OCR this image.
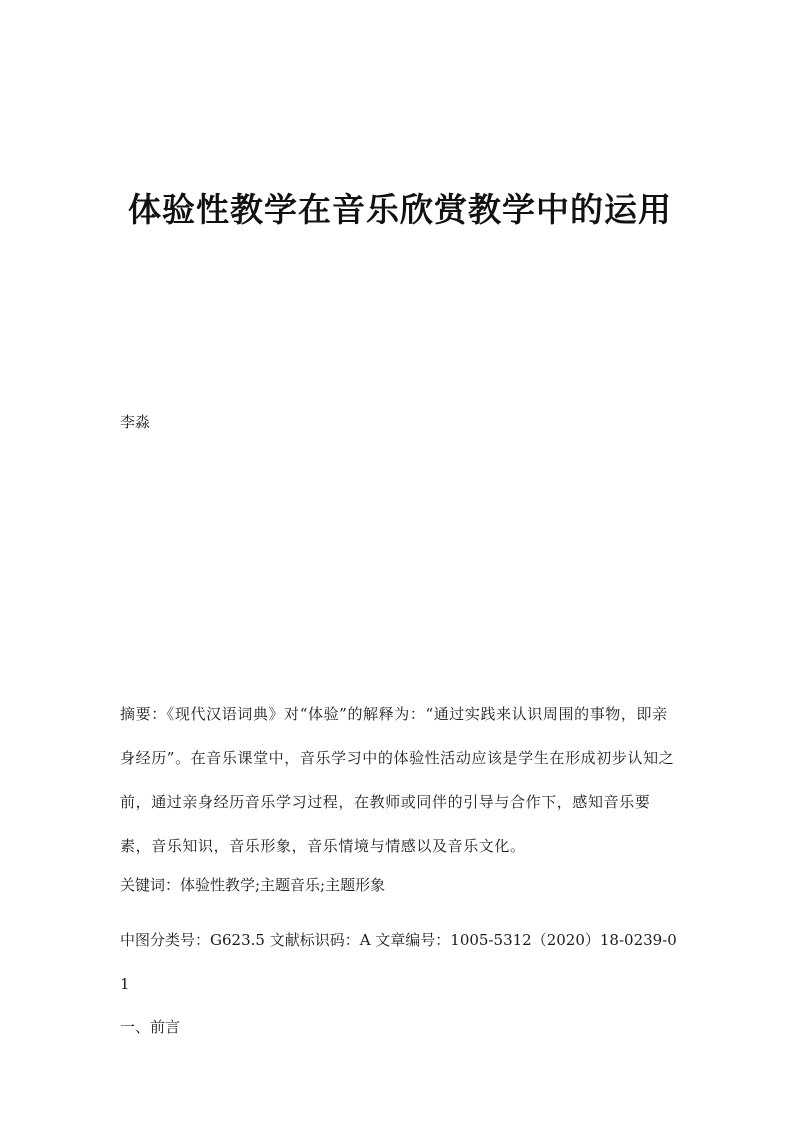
体验性教学在音乐欣赏教学中的运用
李淼
摘要：《现代汉语词典》对“体验”的解释为：“通过实践来认识周围的事物，即亲身经历”。在音乐课堂中，音乐学习中的体验性活动应该是学生在形成初步认知之前，通过亲身经历音乐学习过程，在教师或同伴的引导与合作下，感知音乐要素，音乐知识，音乐形象，音乐情境与情感以及音乐文化。
关键词：体验性教学;主题音乐;主题形象
中图分类号：G623.5 文献标识码：A 文章编号：1005-5312（2020）18-0239-01
一、前言
